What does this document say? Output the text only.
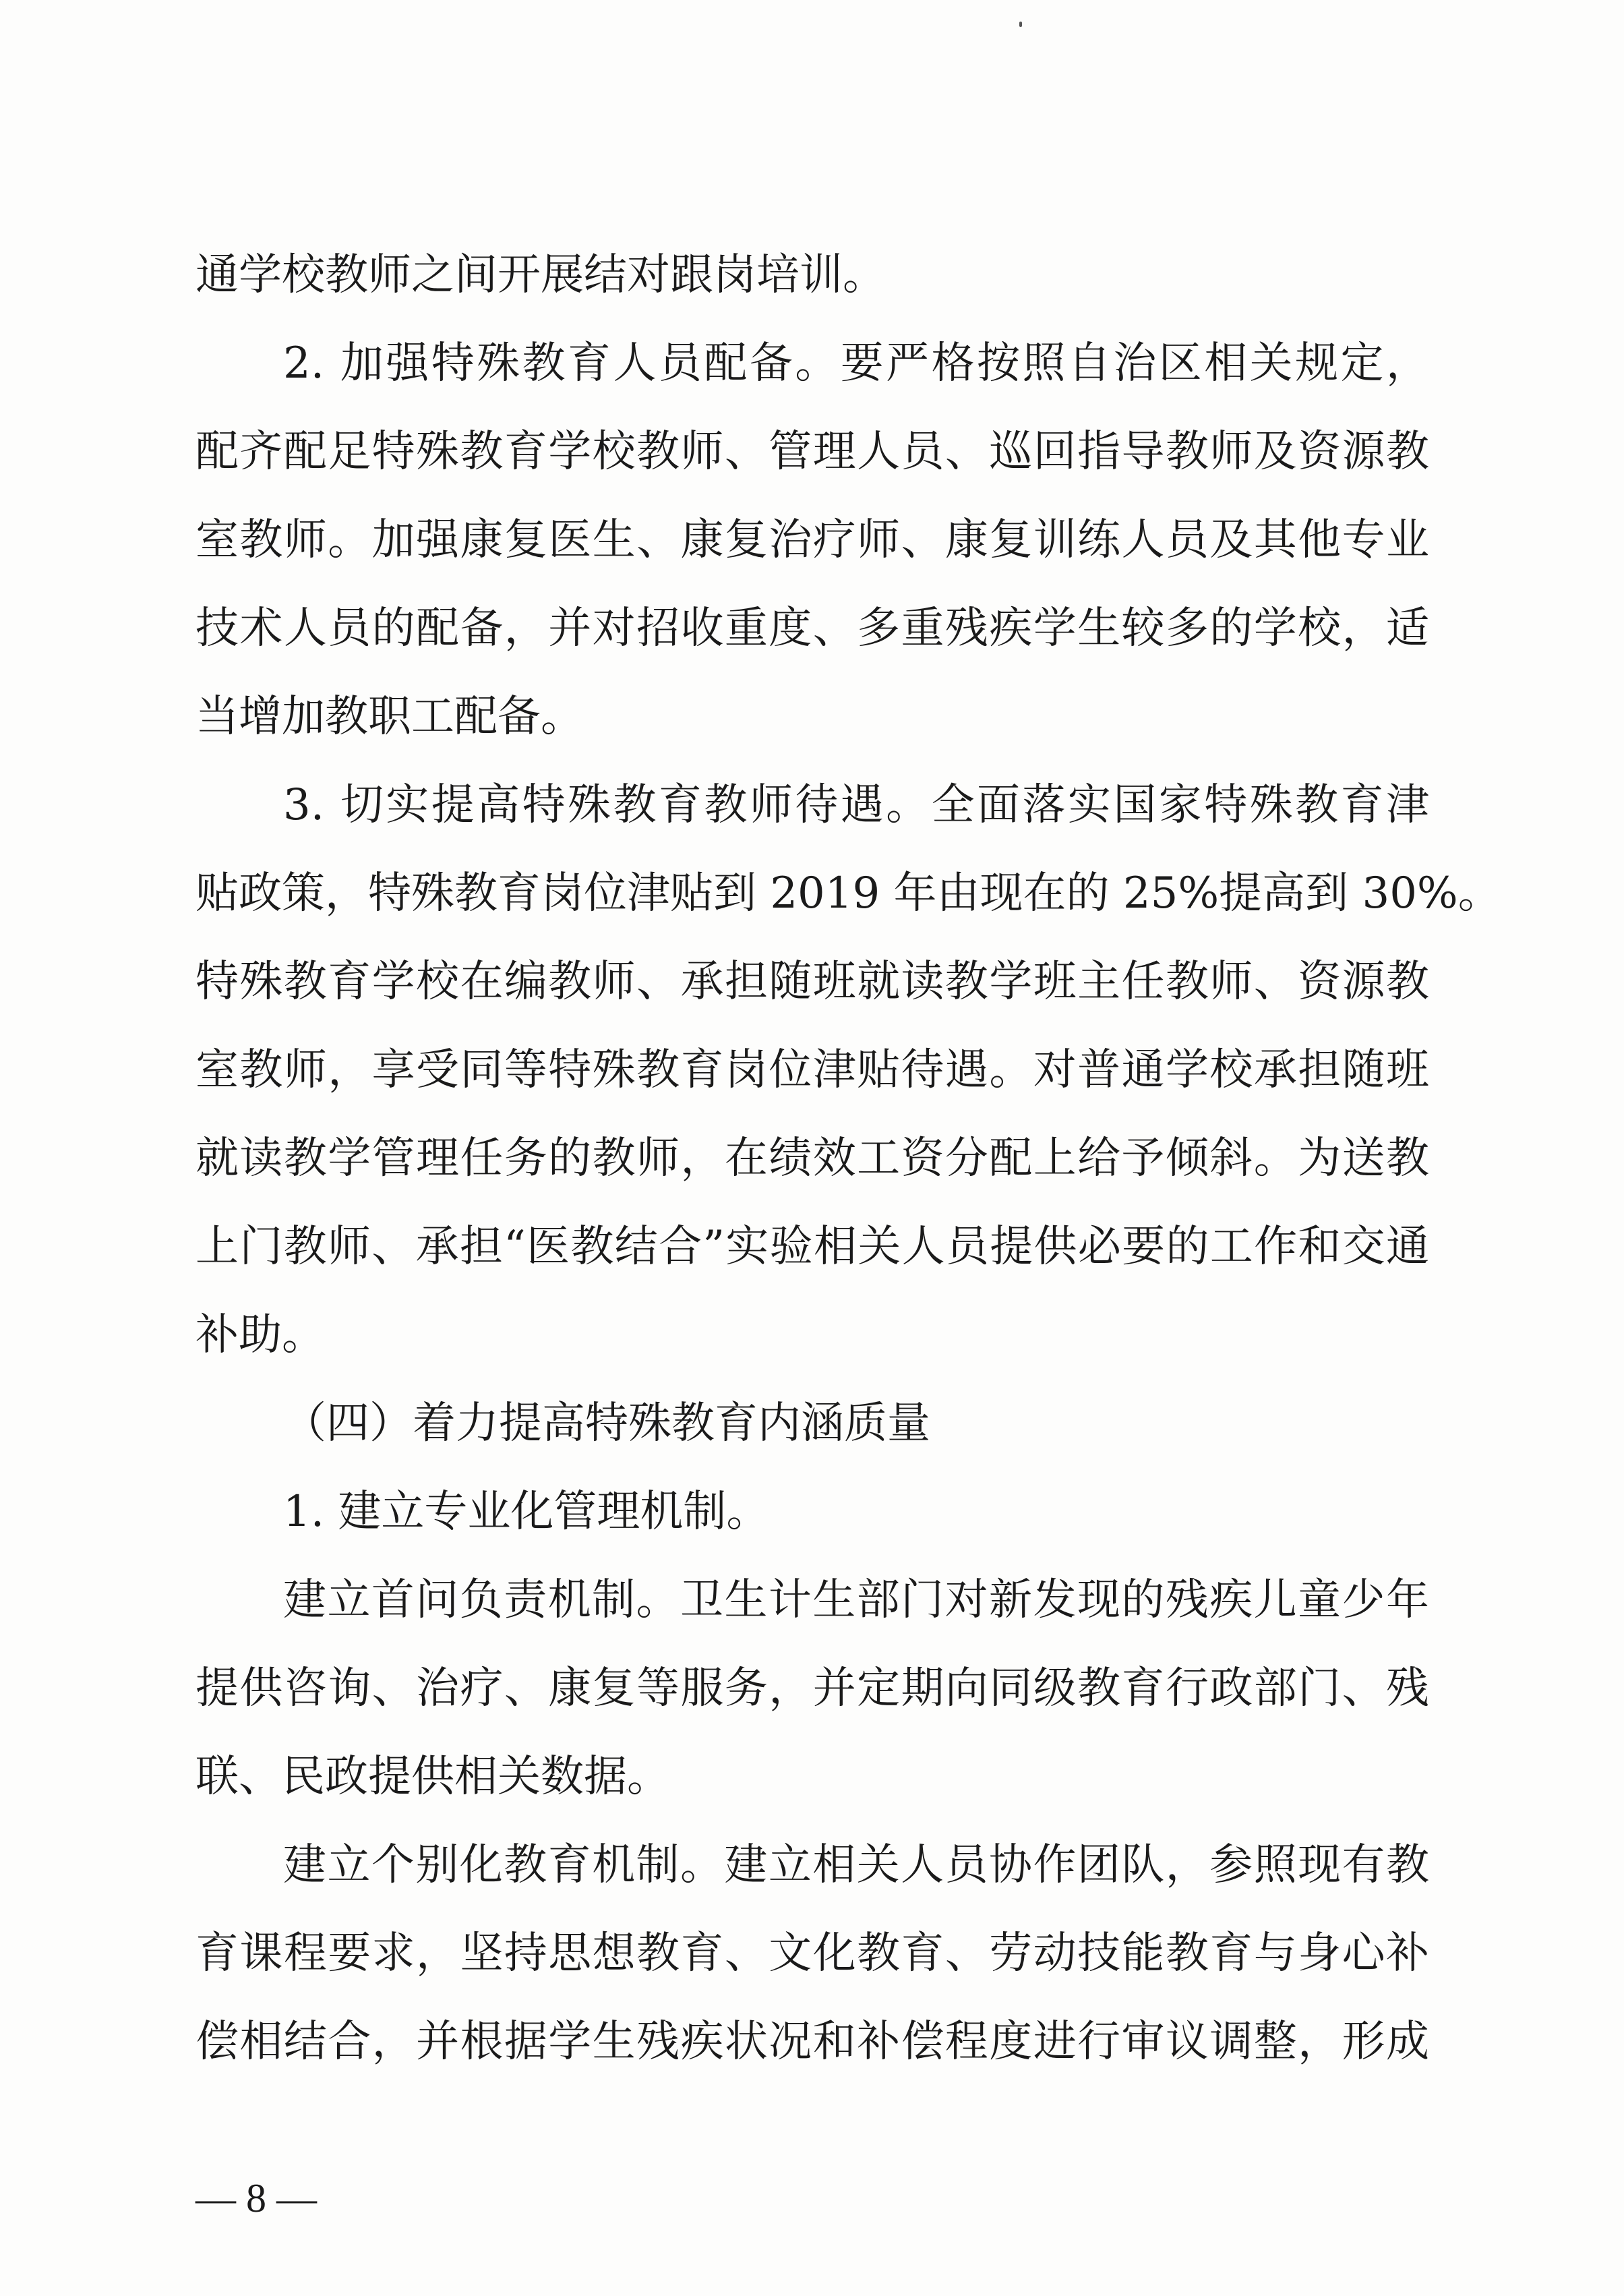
通学校教师之间开展结对跟岗培训。
2. 加强特殊教育人员配备。要严格按照自治区相关规定，
配齐配足特殊教育学校教师、管理人员、巡回指导教师及资源教
室教师。加强康复医生、康复治疗师、康复训练人员及其他专业
技术人员的配备，并对招收重度、多重残疾学生较多的学校，适
当增加教职工配备。
3. 切实提高特殊教育教师待遇。全面落实国家特殊教育津
贴政策，特殊教育岗位津贴到 2019 年由现在的 25%提高到 30%。
特殊教育学校在编教师、承担随班就读教学班主任教师、资源教
室教师，享受同等特殊教育岗位津贴待遇。对普通学校承担随班
就读教学管理任务的教师，在绩效工资分配上给予倾斜。为送教
上门教师、承担“医教结合”实验相关人员提供必要的工作和交通
补助。
（四）着力提高特殊教育内涵质量
1. 建立专业化管理机制。
建立首问负责机制。卫生计生部门对新发现的残疾儿童少年
提供咨询、治疗、康复等服务，并定期向同级教育行政部门、残
联、民政提供相关数据。
建立个别化教育机制。建立相关人员协作团队，参照现有教
育课程要求，坚持思想教育、文化教育、劳动技能教育与身心补
偿相结合，并根据学生残疾状况和补偿程度进行审议调整，形成
— 8 —
